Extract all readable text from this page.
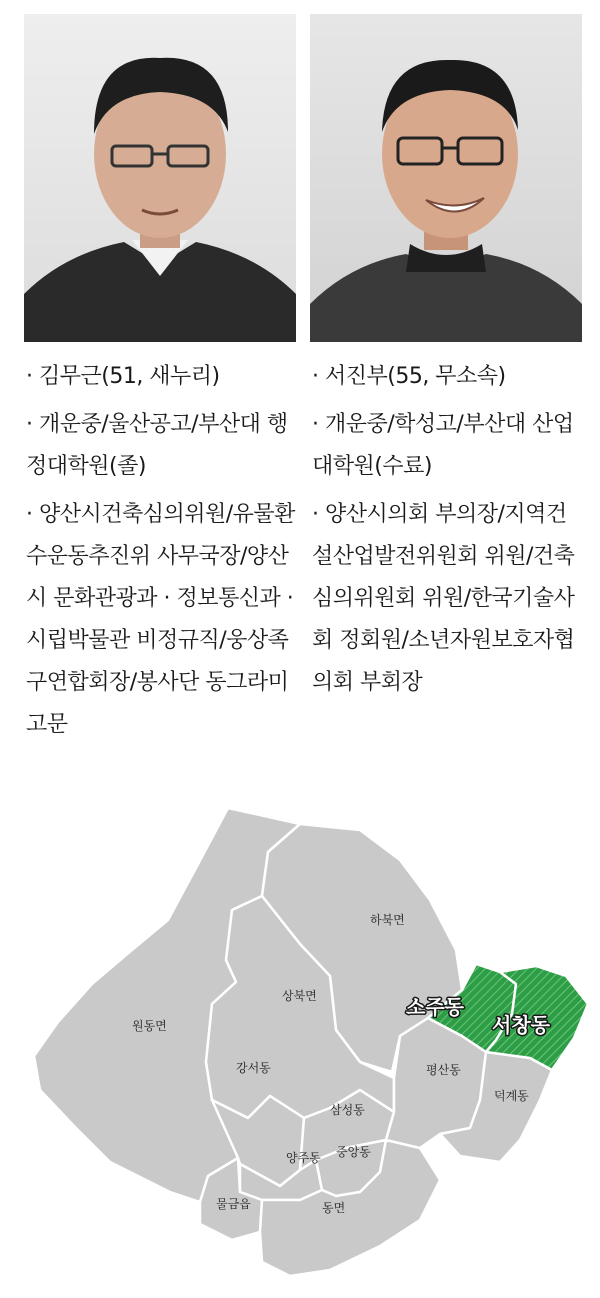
· 김무근(51, 새누리)

· 개운중/울산공고/부산대 행정대학원(졸)

· 양산시건축심의위원/유물환수운동추진위 사무국장/양산시 문화관광과 · 정보통신과 · 시립박물관 비정규직/웅상족구연합회장/봉사단 동그라미 고문

· 서진부(55, 무소속)

· 개운중/학성고/부산대 산업대학원(수료)

· 양산시의회 부의장/지역건설산업발전위원회 위원/건축심의위원회 위원/한국기술사회 정회원/소년자원보호자협의회 부회장

하북면
상북면
원동면
강서동
삼성동
양주동 중앙동
물금읍	동면
평산동
덕계동
소주동
서창동
